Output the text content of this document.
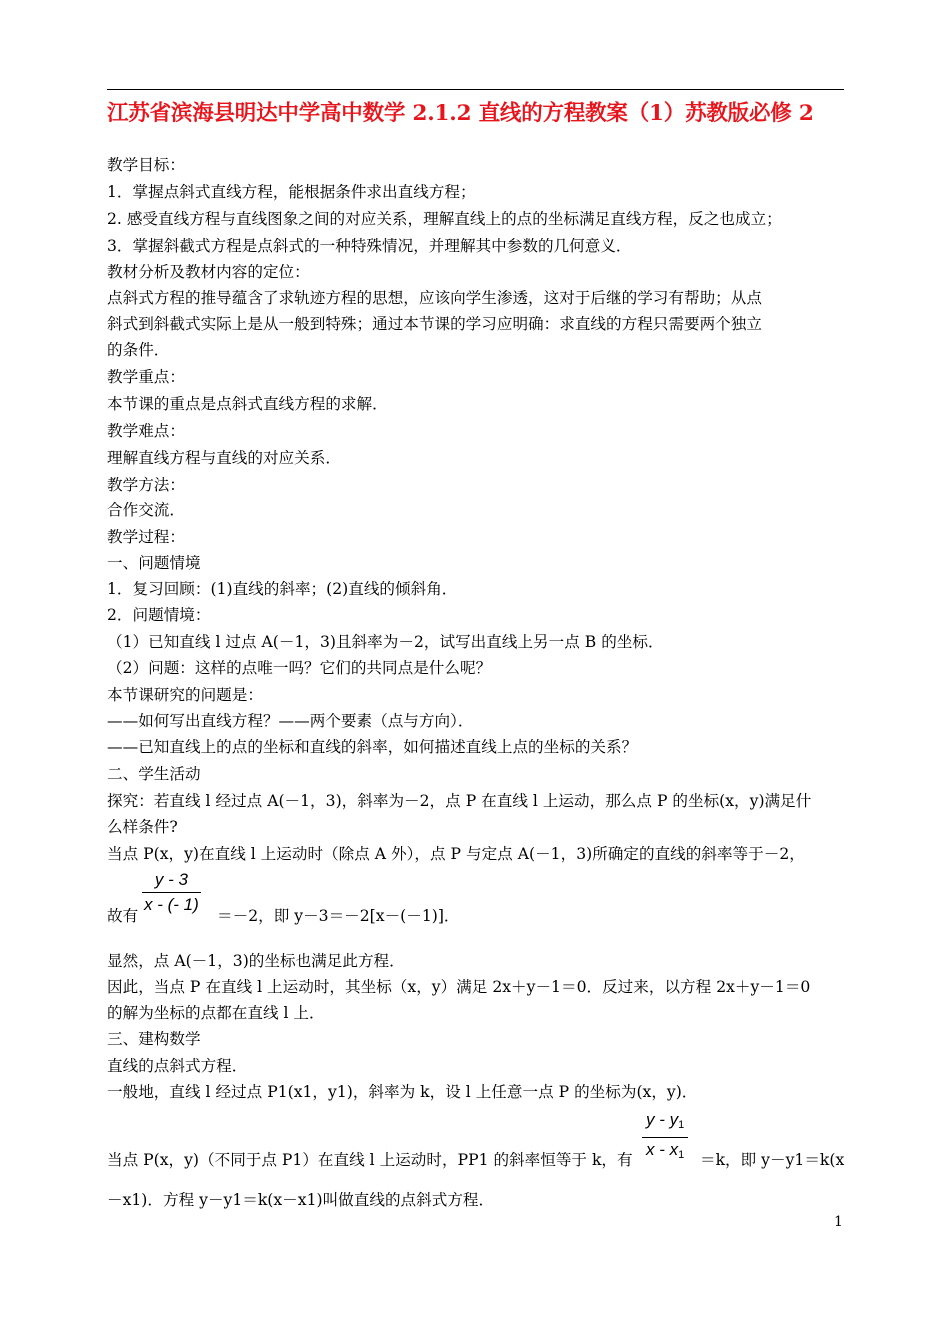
江苏省滨海县明达中学高中数学 2.1.2 直线的方程教案（1）苏教版必修 2
教学目标：
1．掌握点斜式直线方程，能根据条件求出直线方程；
2. 感受直线方程与直线图象之间的对应关系，理解直线上的点的坐标满足直线方程，反之也成立；
3．掌握斜截式方程是点斜式的一种特殊情况，并理解其中参数的几何意义．
教材分析及教材内容的定位：
点斜式方程的推导蕴含了求轨迹方程的思想，应该向学生渗透，这对于后继的学习有帮助；从点
斜式到斜截式实际上是从一般到特殊；通过本节课的学习应明确：求直线的方程只需要两个独立
的条件．
教学重点：
本节课的重点是点斜式直线方程的求解．
教学难点：
理解直线方程与直线的对应关系．
教学方法：
合作交流．
教学过程：
一、问题情境
1．复习回顾：(1)直线的斜率；(2)直线的倾斜角．
2．问题情境：
（1）已知直线 l 过点 A(－1，3)且斜率为－2，试写出直线上另一点 B 的坐标．
（2）问题：这样的点唯一吗？它们的共同点是什么呢？
本节课研究的问题是：
——如何写出直线方程？——两个要素（点与方向）．
——已知直线上的点的坐标和直线的斜率，如何描述直线上点的坐标的关系？
二、学生活动
探究：若直线 l 经过点 A(－1，3)，斜率为－2，点 P 在直线 l 上运动，那么点 P 的坐标(x，y)满足什
么样条件?
当点 P(x，y)在直线 l 上运动时（除点 A 外），点 P 与定点 A(－1，3)所确定的直线的斜率等于－2，
y - 3
x - (- 1)
故有	＝－2，即 y－3＝－2[x－(－1)]．
显然，点 A(－1，3)的坐标也满足此方程．
因此，当点 P 在直线 l 上运动时，其坐标（x，y）满足 2x＋y－1＝0．反过来，以方程 2x＋y－1＝0
的解为坐标的点都在直线 l 上．
三、建构数学
直线的点斜式方程．
一般地，直线 l 经过点 P1(x1，y1)，斜率为 k，设 l 上任意一点 P 的坐标为(x，y)．
y - $y_1$
x - $x_1$
当点 P(x，y)（不同于点 P1）在直线 l 上运动时，PP1 的斜率恒等于 k，有	＝k，即 y－y1＝k(x
－x1)．方程 y－y1＝k(x－x1)叫做直线的点斜式方程．
1
